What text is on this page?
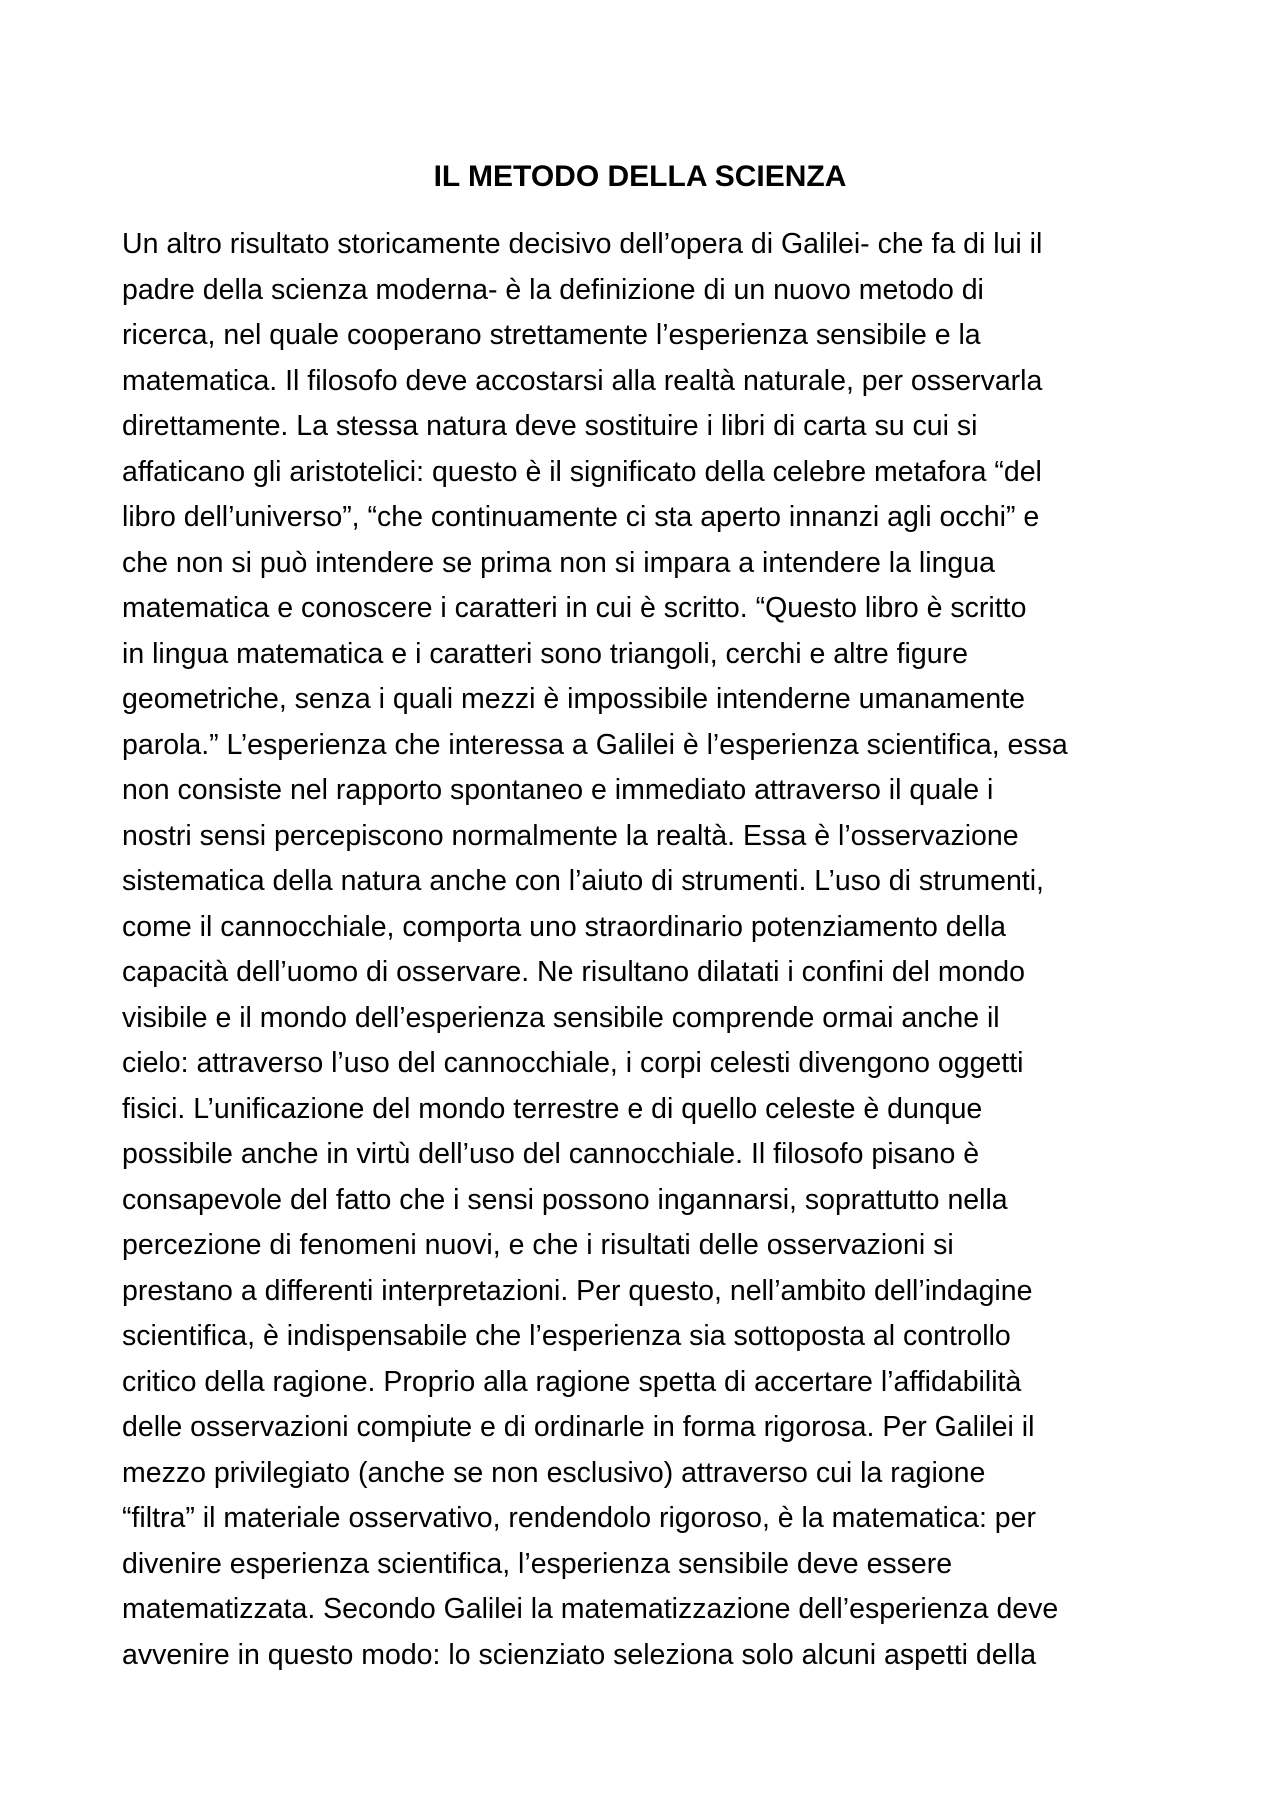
IL METODO DELLA SCIENZA
Un altro risultato storicamente decisivo dell’opera di Galilei- che fa di lui il
padre della scienza moderna- è la definizione di un nuovo metodo di
ricerca, nel quale cooperano strettamente l’esperienza sensibile e la
matematica. Il filosofo deve accostarsi alla realtà naturale, per osservarla
direttamente. La stessa natura deve sostituire i libri di carta su cui si
affaticano gli aristotelici: questo è il significato della celebre metafora “del
libro dell’universo”, “che continuamente ci sta aperto innanzi agli occhi” e
che non si può intendere se prima non si impara a intendere la lingua
matematica e conoscere i caratteri in cui è scritto. “Questo libro è scritto
in lingua matematica e i caratteri sono triangoli, cerchi e altre figure
geometriche, senza i quali mezzi è impossibile intenderne umanamente
parola.” L’esperienza che interessa a Galilei è l’esperienza scientifica, essa
non consiste nel rapporto spontaneo e immediato attraverso il quale i
nostri sensi percepiscono normalmente la realtà. Essa è l’osservazione
sistematica della natura anche con l’aiuto di strumenti. L’uso di strumenti,
come il cannocchiale, comporta uno straordinario potenziamento della
capacità dell’uomo di osservare. Ne risultano dilatati i confini del mondo
visibile e il mondo dell’esperienza sensibile comprende ormai anche il
cielo: attraverso l’uso del cannocchiale, i corpi celesti divengono oggetti
fisici. L’unificazione del mondo terrestre e di quello celeste è dunque
possibile anche in virtù dell’uso del cannocchiale. Il filosofo pisano è
consapevole del fatto che i sensi possono ingannarsi, soprattutto nella
percezione di fenomeni nuovi, e che i risultati delle osservazioni si
prestano a differenti interpretazioni. Per questo, nell’ambito dell’indagine
scientifica, è indispensabile che l’esperienza sia sottoposta al controllo
critico della ragione. Proprio alla ragione spetta di accertare l’affidabilità
delle osservazioni compiute e di ordinarle in forma rigorosa. Per Galilei il
mezzo privilegiato (anche se non esclusivo) attraverso cui la ragione
“filtra” il materiale osservativo, rendendolo rigoroso, è la matematica: per
divenire esperienza scientifica, l’esperienza sensibile deve essere
matematizzata. Secondo Galilei la matematizzazione dell’esperienza deve
avvenire in questo modo: lo scienziato seleziona solo alcuni aspetti della
